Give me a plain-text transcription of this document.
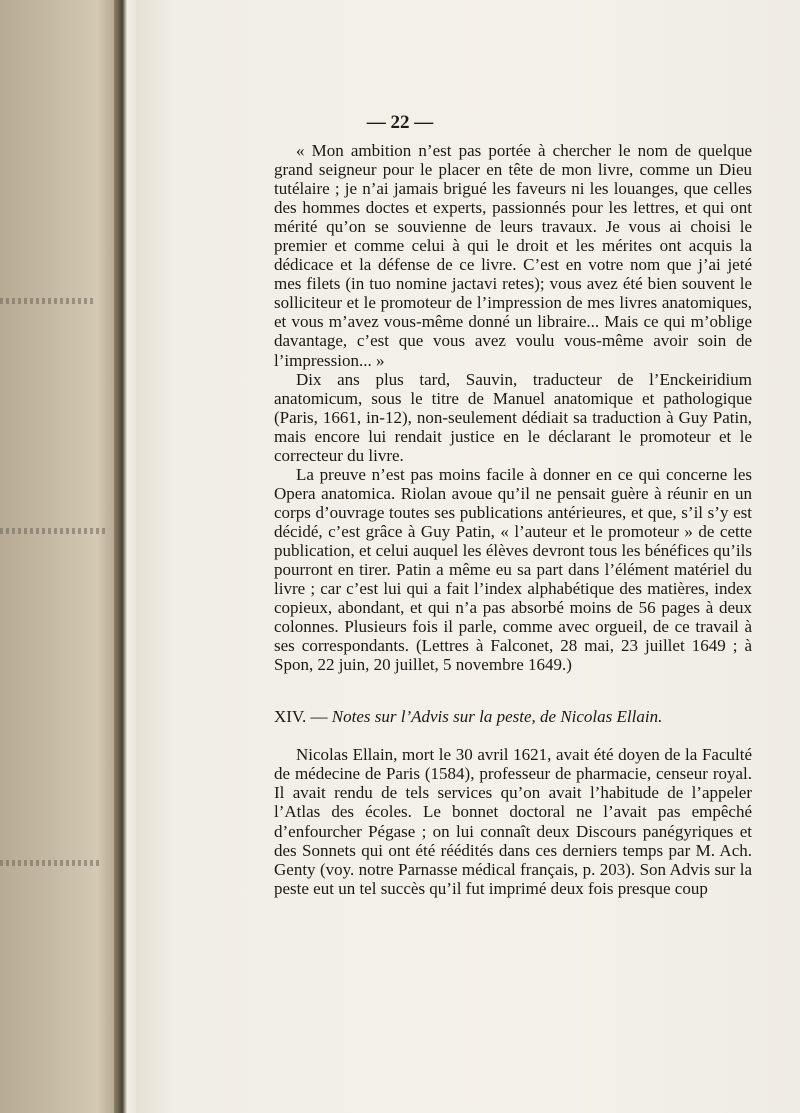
— 22 —

« Mon ambition n’est pas portée à chercher le nom de quelque grand seigneur pour le placer en tête de mon livre, comme un Dieu tutélaire ; je n’ai jamais brigué les faveurs ni les louanges, que celles des hommes doctes et experts, passionnés pour les lettres, et qui ont mérité qu’on se souvienne de leurs travaux. Je vous ai choisi le premier et comme celui à qui le droit et les mérites ont acquis la dédicace et la défense de ce livre. C’est en votre nom que j’ai jeté mes filets (in tuo nomine jactavi retes); vous avez été bien souvent le solliciteur et le promoteur de l’impression de mes livres anatomiques, et vous m’avez vous-même donné un libraire... Mais ce qui m’oblige davantage, c’est que vous avez voulu vous-même avoir soin de l’impression... »

Dix ans plus tard, Sauvin, traducteur de l’Enckeiridium anatomicum, sous le titre de Manuel anatomique et pathologique (Paris, 1661, in-12), non-seulement dédiait sa traduction à Guy Patin, mais encore lui rendait justice en le déclarant le promoteur et le correcteur du livre.

La preuve n’est pas moins facile à donner en ce qui concerne les Opera anatomica. Riolan avoue qu’il ne pensait guère à réunir en un corps d’ouvrage toutes ses publications antérieures, et que, s’il s’y est décidé, c’est grâce à Guy Patin, « l’auteur et le promoteur » de cette publication, et celui auquel les élèves devront tous les bénéfices qu’ils pourront en tirer. Patin a même eu sa part dans l’élément matériel du livre ; car c’est lui qui a fait l’index alphabétique des matières, index copieux, abondant, et qui n’a pas absorbé moins de 56 pages à deux colonnes. Plusieurs fois il parle, comme avec orgueil, de ce travail à ses correspondants. (Lettres à Falconet, 28 mai, 23 juillet 1649 ; à Spon, 22 juin, 20 juillet, 5 novembre 1649.)

XIV. — Notes sur l’Advis sur la peste, de Nicolas Ellain.

Nicolas Ellain, mort le 30 avril 1621, avait été doyen de la Faculté de médecine de Paris (1584), professeur de pharmacie, censeur royal. Il avait rendu de tels services qu’on avait l’habitude de l’appeler l’Atlas des écoles. Le bonnet doctoral ne l’avait pas empêché d’enfourcher Pégase ; on lui connaît deux Discours panégyriques et des Sonnets qui ont été réédités dans ces derniers temps par M. Ach. Genty (voy. notre Parnasse médical français, p. 203). Son Advis sur la peste eut un tel succès qu’il fut imprimé deux fois presque coup
